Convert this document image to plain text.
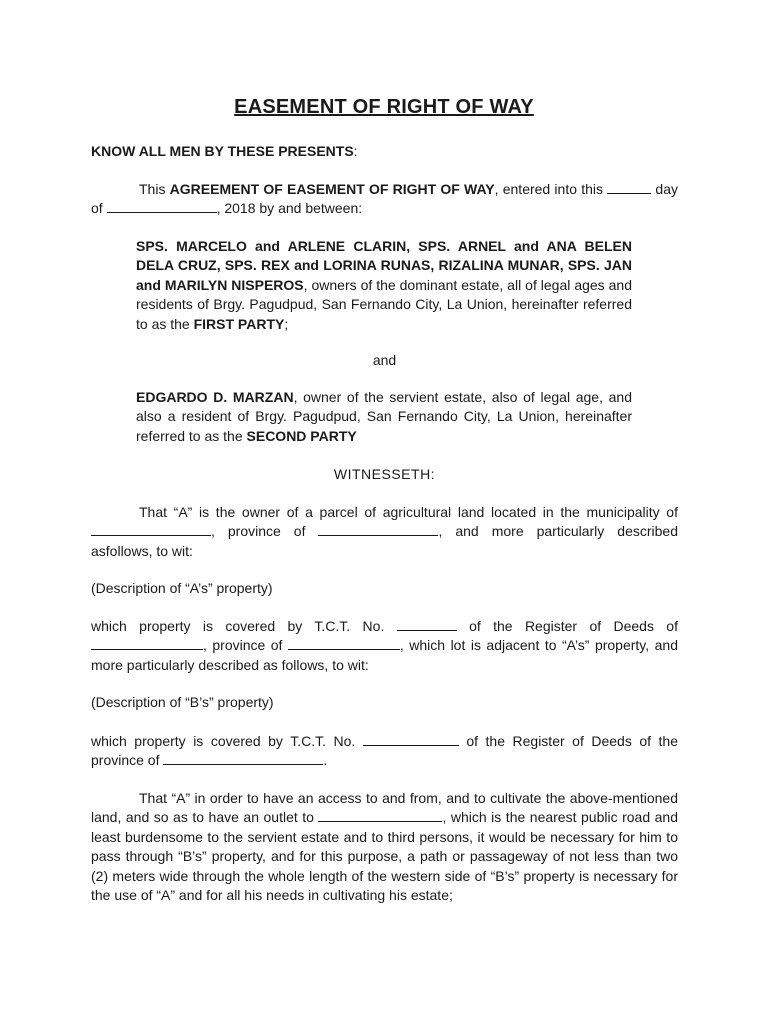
EASEMENT OF RIGHT OF WAY
KNOW ALL MEN BY THESE PRESENTS:
This AGREEMENT OF EASEMENT OF RIGHT OF WAY, entered into this	day of	, 2018 by and between:
SPS. MARCELO and ARLENE CLARIN, SPS. ARNEL and ANA BELEN DELA CRUZ, SPS. REX and LORINA RUNAS, RIZALINA MUNAR, SPS. JAN and MARILYN NISPEROS, owners of the dominant estate, all of legal ages and residents of Brgy. Pagudpud, San Fernando City, La Union, hereinafter referred to as the FIRST PARTY;
and
EDGARDO D. MARZAN, owner of the servient estate, also of legal age, and also a resident of Brgy. Pagudpud, San Fernando City, La Union, hereinafter referred to as the SECOND PARTY
WITNESSETH:
That “A” is the owner of a parcel of agricultural land located in the municipality of , province of	, and more particularly described asfollows, to wit:
(Description of “A’s” property)
which property is covered by T.C.T. No.	of the Register of Deeds of , province of	, which lot is adjacent to “A’s” property, and more particularly described as follows, to wit:
(Description of “B’s” property)
which property is covered by T.C.T. No.	of the Register of Deeds of the province of	.
That “A” in order to have an access to and from, and to cultivate the above-mentioned land, and so as to have an outlet to	, which is the nearest public road and least burdensome to the servient estate and to third persons, it would be necessary for him to pass through “B’s” property, and for this purpose, a path or passageway of not less than two (2) meters wide through the whole length of the western side of “B’s” property is necessary for the use of “A” and for all his needs in cultivating his estate;
